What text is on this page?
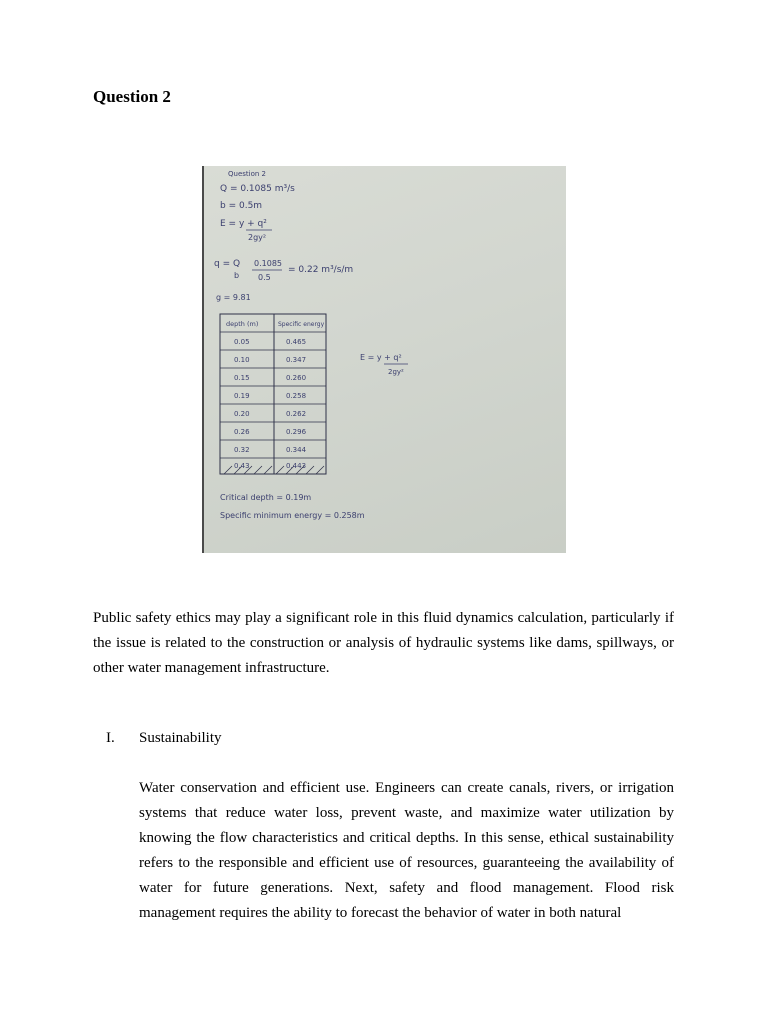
Question 2
Question 2
Q = 0.1085 m³/s
b = 0.5m
E = y + q²
2gy²
q = Q
b
0.1085
0.5
= 0.22 m³/s/m
g = 9.81
depth (m)	Specific energy
0.05	0.465
0.10	0.347
0.15	0.260
0.19	0.258
0.20	0.262
0.26	0.296
0.32	0.344
0.43	0.443
E = y + q²
2gy²
Critical depth = 0.19m
Specific minimum energy = 0.258m

Public safety ethics may play a significant role in this fluid dynamics calculation, particularly if the issue is related to the construction or analysis of hydraulic systems like dams, spillways, or other water management infrastructure.

I. Sustainability

Water conservation and efficient use. Engineers can create canals, rivers, or irrigation systems that reduce water loss, prevent waste, and maximize water utilization by knowing the flow characteristics and critical depths. In this sense, ethical sustainability refers to the responsible and efficient use of resources, guaranteeing the availability of water for future generations. Next, safety and flood management. Flood risk management requires the ability to forecast the behavior of water in both natural
